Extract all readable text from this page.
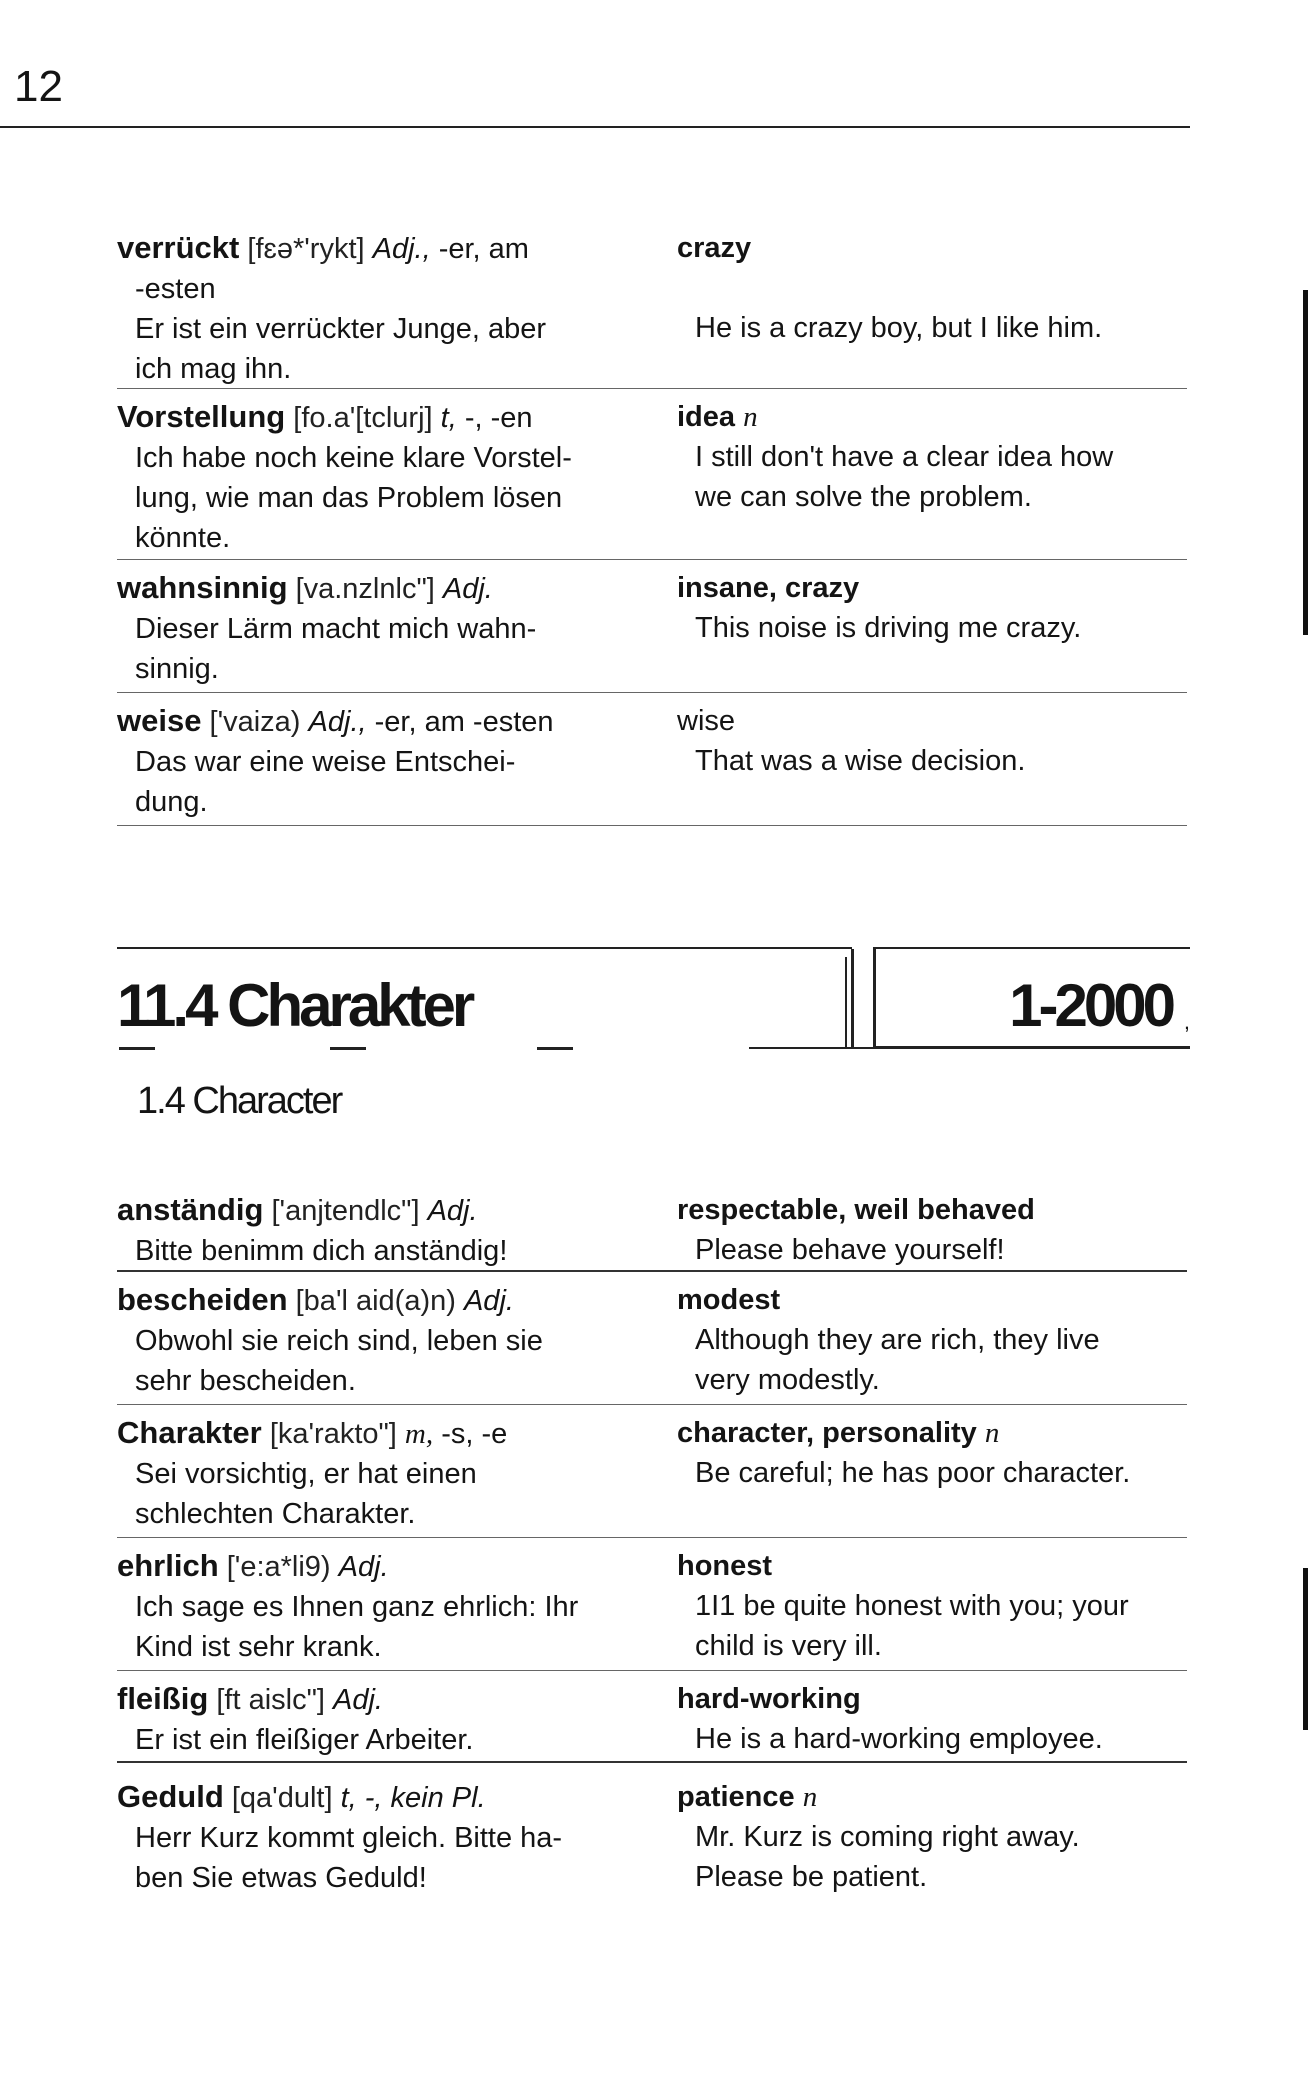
12
verrückt [fɛə*'rykt] Adj., -er, am
-esten
Er ist ein verrückter Junge, aber
ich mag ihn.
crazy
He is a crazy boy, but I like him.
Vorstellung [fo.a'[tclurj] t, -, -en
Ich habe noch keine klare Vorstel-
lung, wie man das Problem lösen
könnte.
idea n
I still don't have a clear idea how
we can solve the problem.
wahnsinnig [va.nzlnlc"] Adj.
Dieser Lärm macht mich wahn-
sinnig.
insane, crazy
This noise is driving me crazy.
weise ['vaiza) Adj., -er, am -esten
Das war eine weise Entschei-
dung.
wise
That was a wise decision.
11.4 Charakter	1-2000 ,
1.4 Character
anständig ['anjtendlc"] Adj.
Bitte benimm dich anständig!
respectable, weil behaved
Please behave yourself!
bescheiden [ba'l aid(a)n) Adj.
Obwohl sie reich sind, leben sie
sehr bescheiden.
modest
Although they are rich, they live
very modestly.
Charakter [ka'rakto"] m, -s, -e
Sei vorsichtig, er hat einen
schlechten Charakter.
character, personality n
Be careful; he has poor character.
ehrlich ['e:a*li9) Adj.
Ich sage es Ihnen ganz ehrlich: Ihr
Kind ist sehr krank.
honest
1I1 be quite honest with you; your
child is very ill.
fleißig [ft aislc"] Adj.
Er ist ein fleißiger Arbeiter.
hard-working
He is a hard-working employee.
Geduld [qa'dult] t, -, kein Pl.
Herr Kurz kommt gleich. Bitte ha-
ben Sie etwas Geduld!
patience n
Mr. Kurz is coming right away.
Please be patient.
